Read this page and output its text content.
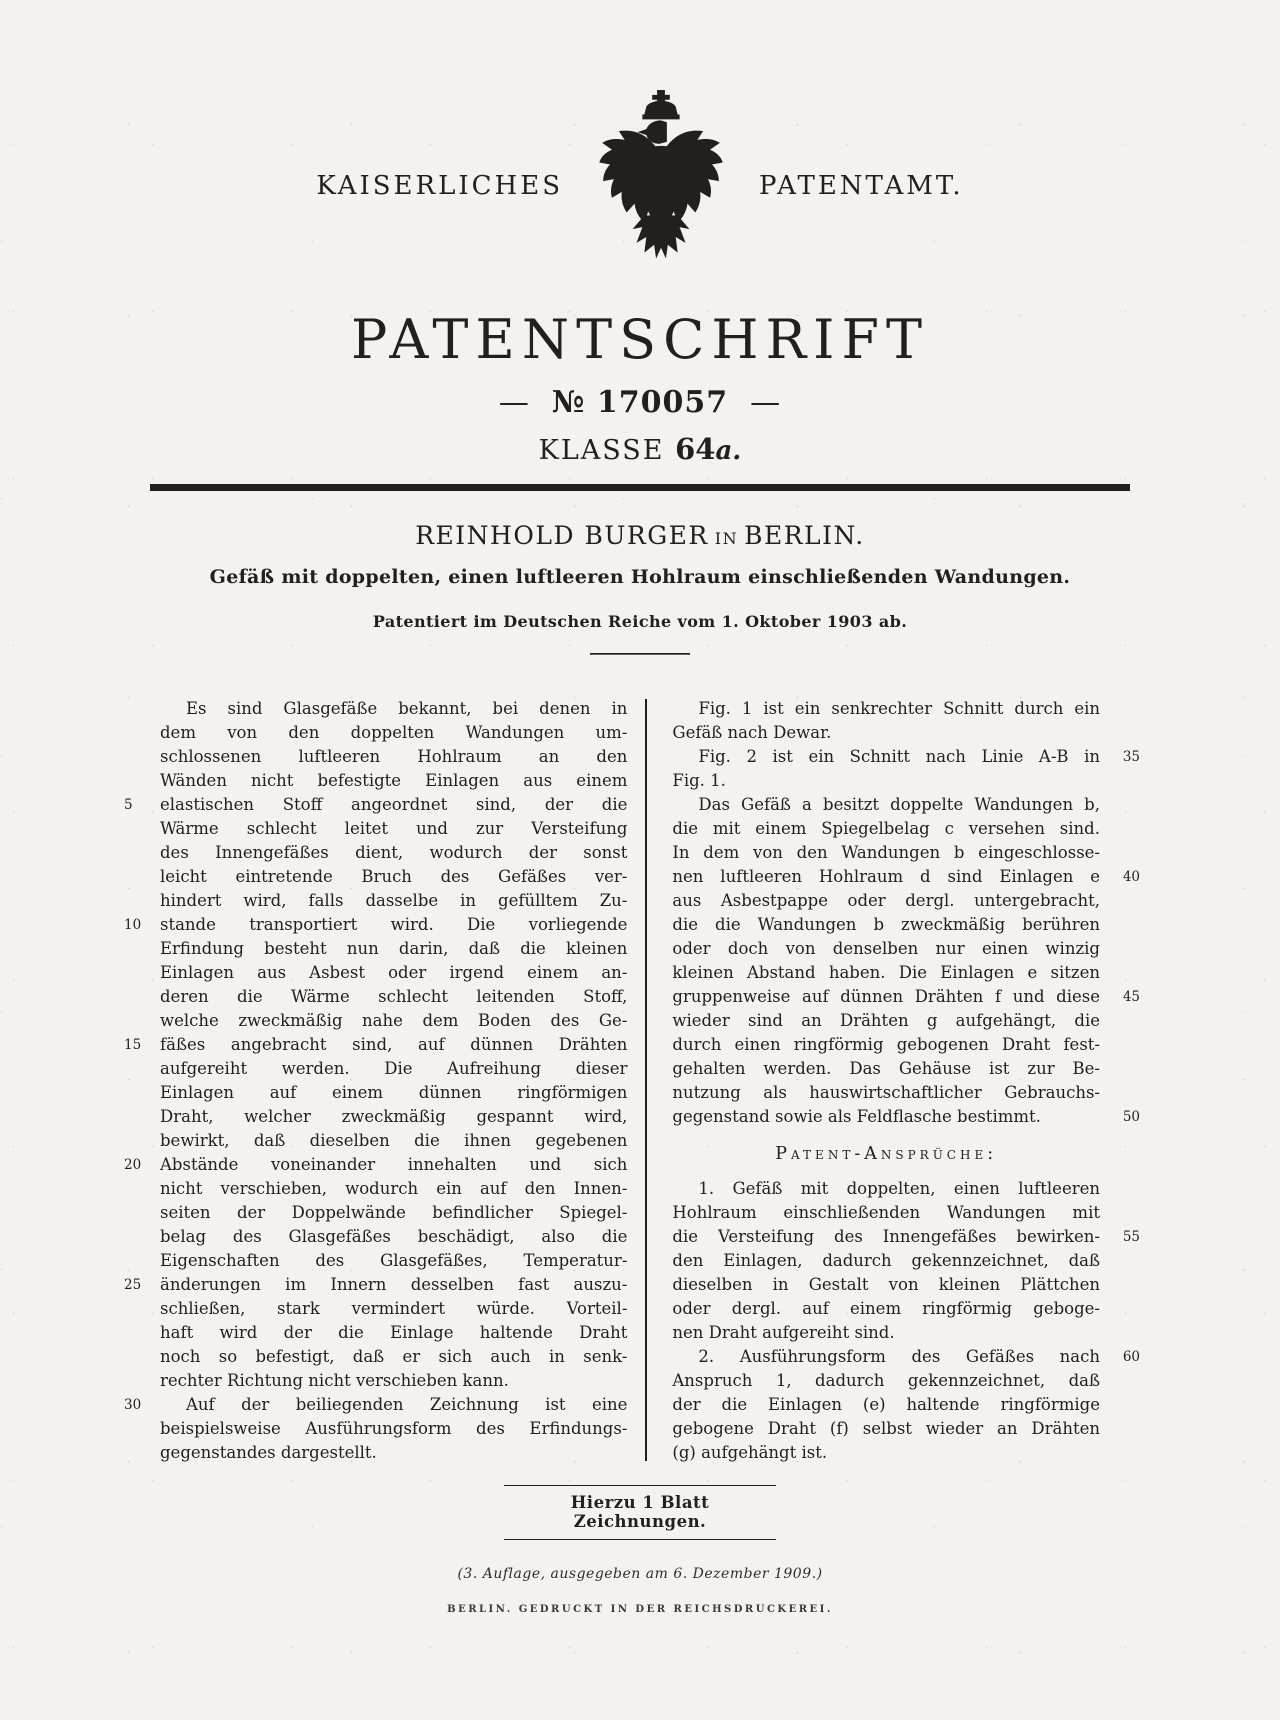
KAISERLICHES	PATENTAMT.
PATENTSCHRIFT
— № 170057 —
KLASSE 64a.
REINHOLD BURGER in BERLIN.
Gefäß mit doppelten, einen luftleeren Hohlraum einschließenden Wandungen.
Patentiert im Deutschen Reiche vom 1. Oktober 1903 ab.
Es sind Glasgefäße bekannt, bei denen in
dem von den doppelten Wandungen um-
schlossenen luftleeren Hohlraum an den
Wänden nicht befestigte Einlagen aus einem
elastischen Stoff angeordnet sind, der die
5
Wärme schlecht leitet und zur Versteifung
des Innengefäßes dient, wodurch der sonst
leicht eintretende Bruch des Gefäßes ver-
hindert wird, falls dasselbe in gefülltem Zu-
stande transportiert wird. Die vorliegende
10
Erfindung besteht nun darin, daß die kleinen
Einlagen aus Asbest oder irgend einem an-
deren die Wärme schlecht leitenden Stoff,
welche zweckmäßig nahe dem Boden des Ge-
fäßes angebracht sind, auf dünnen Drähten
15
aufgereiht werden. Die Aufreihung dieser
Einlagen auf einem dünnen ringförmigen
Draht, welcher zweckmäßig gespannt wird,
bewirkt, daß dieselben die ihnen gegebenen
Abstände voneinander innehalten und sich
20
nicht verschieben, wodurch ein auf den Innen-
seiten der Doppelwände befindlicher Spiegel-
belag des Glasgefäßes beschädigt, also die
Eigenschaften des Glasgefäßes, Temperatur-
änderungen im Innern desselben fast auszu-
25
schließen, stark vermindert würde. Vorteil-
haft wird der die Einlage haltende Draht
noch so befestigt, daß er sich auch in senk-
rechter Richtung nicht verschieben kann.
Auf der beiliegenden Zeichnung ist eine
30
beispielsweise Ausführungsform des Erfindungs-
gegenstandes dargestellt.
Fig. 1 ist ein senkrechter Schnitt durch ein
Gefäß nach Dewar.
Fig. 2 ist ein Schnitt nach Linie A-B in 35
Fig. 1.
Das Gefäß a besitzt doppelte Wandungen b,
die mit einem Spiegelbelag c versehen sind.
In dem von den Wandungen b eingeschlosse-
nen luftleeren Hohlraum d sind Einlagen e 40
aus Asbestpappe oder dergl. untergebracht,
die die Wandungen b zweckmäßig berühren
oder doch von denselben nur einen winzig
kleinen Abstand haben. Die Einlagen e sitzen
gruppenweise auf dünnen Drähten f und diese 45
wieder sind an Drähten g aufgehängt, die
durch einen ringförmig gebogenen Draht fest-
gehalten werden. Das Gehäuse ist zur Be-
nutzung als hauswirtschaftlicher Gebrauchs-
gegenstand sowie als Feldflasche bestimmt.	50
Patent-Ansprüche:
1. Gefäß mit doppelten, einen luftleeren
Hohlraum einschließenden Wandungen mit
die Versteifung des Innengefäßes bewirken- 55
den Einlagen, dadurch gekennzeichnet, daß
dieselben in Gestalt von kleinen Plättchen
oder dergl. auf einem ringförmig geboge-
nen Draht aufgereiht sind.
2. Ausführungsform des Gefäßes nach 60
Anspruch 1, dadurch gekennzeichnet, daß
der die Einlagen (e) haltende ringförmige
gebogene Draht (f) selbst wieder an Drähten
(g) aufgehängt ist.
Hierzu 1 Blatt Zeichnungen.
(3. Auflage, ausgegeben am 6. Dezember 1909.)
BERLIN. GEDRUCKT IN DER REICHSDRUCKEREI.
